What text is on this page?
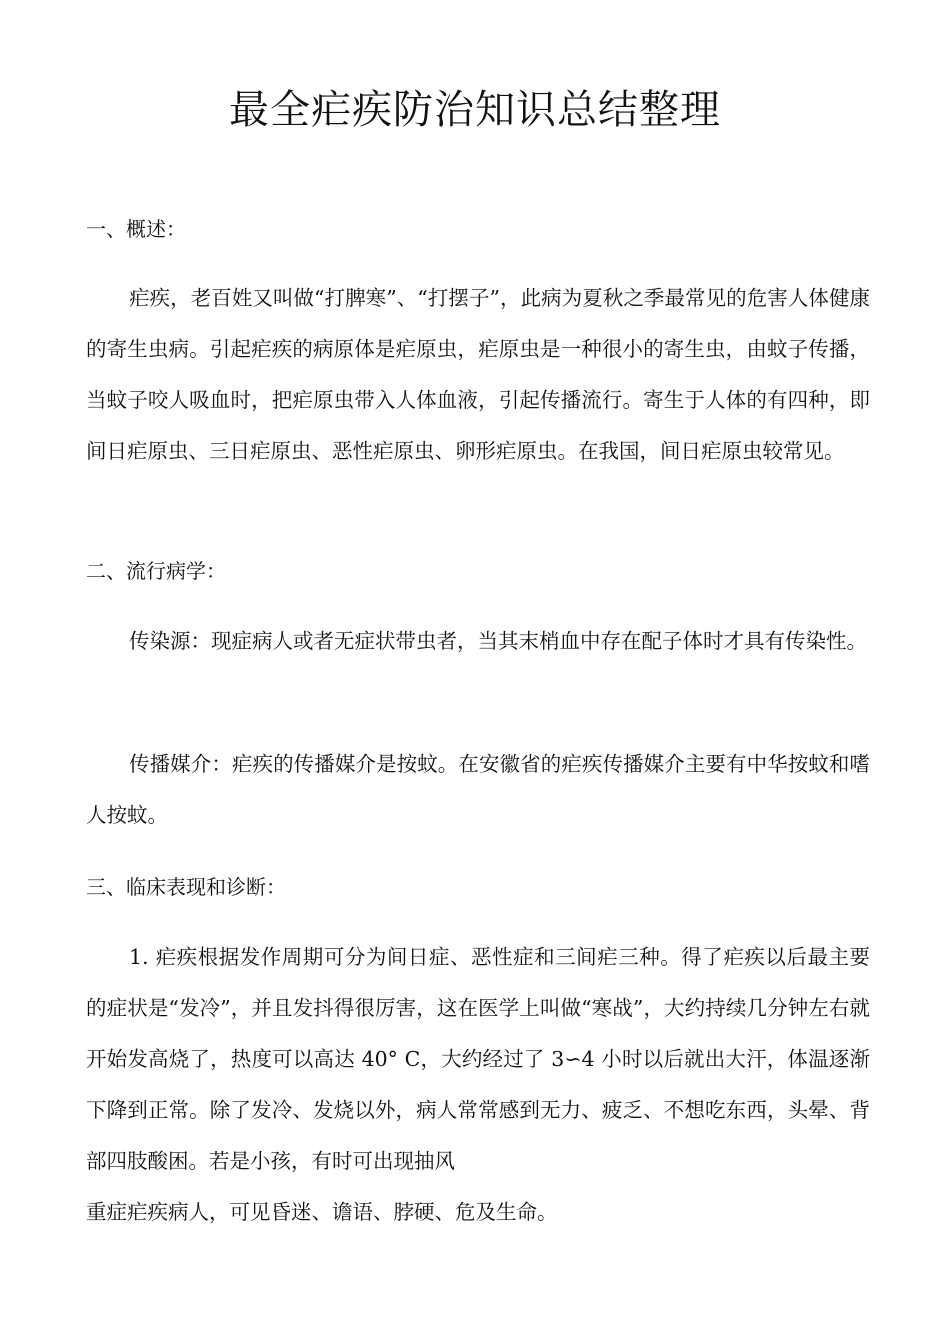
最全疟疾防治知识总结整理
一、概述：

疟疾，老百姓又叫做“打脾寒”、“打摆子”，此病为夏秋之季最常见的危害人体健康的寄生虫病。引起疟疾的病原体是疟原虫，疟原虫是一种很小的寄生虫，由蚊子传播，当蚊子咬人吸血时，把疟原虫带入人体血液，引起传播流行。寄生于人体的有四种，即间日疟原虫、三日疟原虫、恶性疟原虫、卵形疟原虫。在我国，间日疟原虫较常见。

二、流行病学：

传染源：现症病人或者无症状带虫者，当其末梢血中存在配子体时才具有传染性。

传播媒介：疟疾的传播媒介是按蚊。在安徽省的疟疾传播媒介主要有中华按蚊和嗜人按蚊。

三、临床表现和诊断：

1. 疟疾根据发作周期可分为间日症、恶性症和三间疟三种。得了疟疾以后最主要的症状是“发冷”，并且发抖得很厉害，这在医学上叫做“寒战”，大约持续几分钟左右就开始发高烧了，热度可以高达 40° C，大约经过了 3∽4 小时以后就出大汗，体温逐渐下降到正常。除了发冷、发烧以外，病人常常感到无力、疲乏、不想吃东西，头晕、背部四肢酸困。若是小孩，有时可出现抽风

重症疟疾病人，可见昏迷、谵语、脖硬、危及生命。
